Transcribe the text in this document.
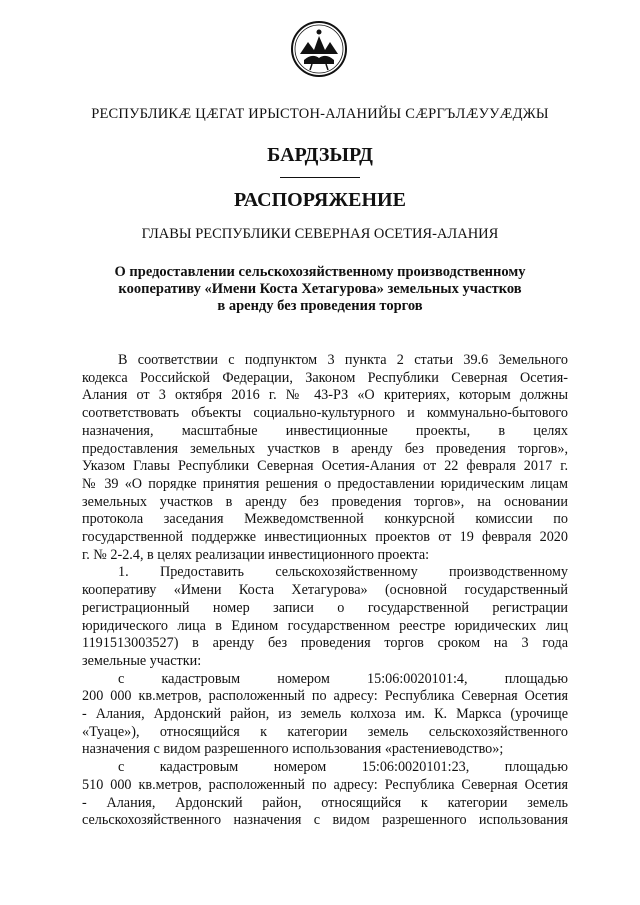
РЕСПУБЛИКӔ ЦӔГАТ ИРЫСТОН-АЛАНИЙЫ СӔРГЪЛӔУУӔДЖЫ
БАРДЗЫРД
РАСПОРЯЖЕНИЕ
ГЛАВЫ РЕСПУБЛИКИ СЕВЕРНАЯ ОСЕТИЯ-АЛАНИЯ
О предоставлении сельскохозяйственному производственному
кооперативу «Имени Коста Хетагурова» земельных участков
в аренду без проведения торгов
В соответствии с подпунктом 3 пункта 2 статьи 39.6 Земельного
кодекса Российской Федерации, Законом Республики Северная Осетия-
Алания от 3 октября 2016 г. № 43-РЗ «О критериях, которым должны
соответствовать объекты социально-культурного и коммунально-бытового
назначения, масштабные инвестиционные проекты, в целях
предоставления земельных участков в аренду без проведения торгов»,
Указом Главы Республики Северная Осетия-Алания от 22 февраля 2017 г.
№ 39 «О порядке принятия решения о предоставлении юридическим лицам
земельных участков в аренду без проведения торгов», на основании
протокола заседания Межведомственной конкурсной комиссии по
государственной поддержке инвестиционных проектов от 19 февраля 2020
г. № 2-2.4, в целях реализации инвестиционного проекта:
1. Предоставить сельскохозяйственному производственному
кооперативу «Имени Коста Хетагурова» (основной государственный
регистрационный номер записи о государственной регистрации
юридического лица в Едином государственном реестре юридических лиц
1191513003527) в аренду без проведения торгов сроком на 3 года
земельные участки:
с кадастровым номером 15:06:0020101:4, площадью
200 000 кв.метров, расположенный по адресу: Республика Северная Осетия
- Алания, Ардонский район, из земель колхоза им. К. Маркса (урочище
«Туаце»), относящийся к категории земель сельскохозяйственного
назначения с видом разрешенного использования «растениеводство»;
с кадастровым номером 15:06:0020101:23, площадью
510 000 кв.метров, расположенный по адресу: Республика Северная Осетия
- Алания, Ардонский район, относящийся к категории земель
сельскохозяйственного назначения с видом разрешенного использования
